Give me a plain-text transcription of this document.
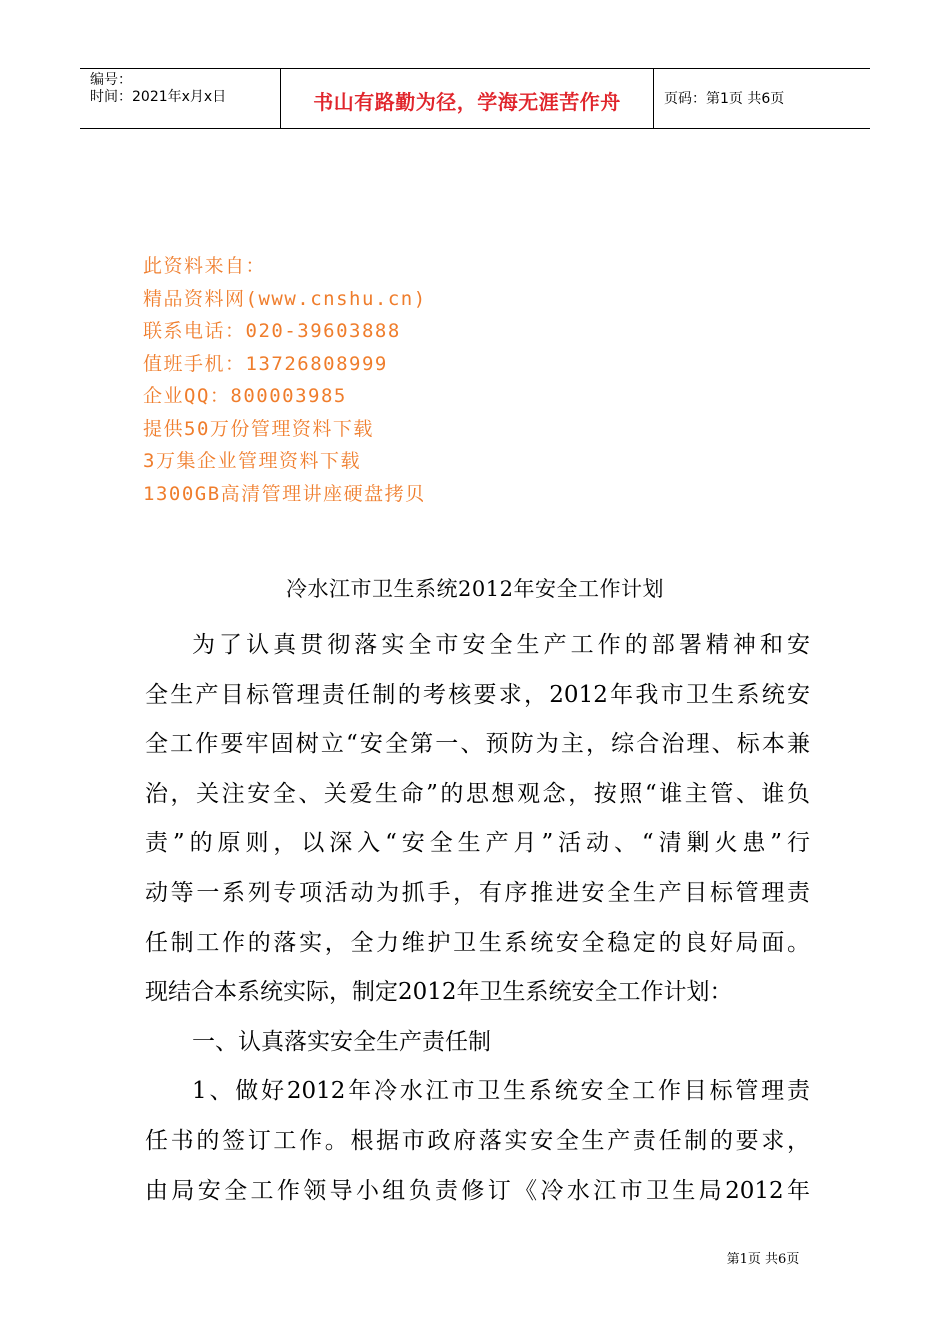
编号：
时间：2021年x月x日	书山有路勤为径，学海无涯苦作舟	页码：第1页 共6页
此资料来自：
精品资料网(www.cnshu.cn)
联系电话：020-39603888
值班手机：13726808999
企业QQ：800003985
提供50万份管理资料下载
3万集企业管理资料下载
1300GB高清管理讲座硬盘拷贝
冷水江市卫生系统2012年安全工作计划
为了认真贯彻落实全市安全生产工作的部署精神和安
全生产目标管理责任制的考核要求，2012年我市卫生系统安
全工作要牢固树立“安全第一、预防为主，综合治理、标本兼
治，关注安全、关爱生命”的思想观念，按照“谁主管、谁负
责”的原则，以深入“安全生产月”活动、“清剿火患”行
动等一系列专项活动为抓手，有序推进安全生产目标管理责
任制工作的落实，全力维护卫生系统安全稳定的良好局面。
现结合本系统实际，制定2012年卫生系统安全工作计划：
一、认真落实安全生产责任制
1、做好2012年冷水江市卫生系统安全工作目标管理责
任书的签订工作。根据市政府落实安全生产责任制的要求，
由局安全工作领导小组负责修订《冷水江市卫生局2012年
第1页 共6页
